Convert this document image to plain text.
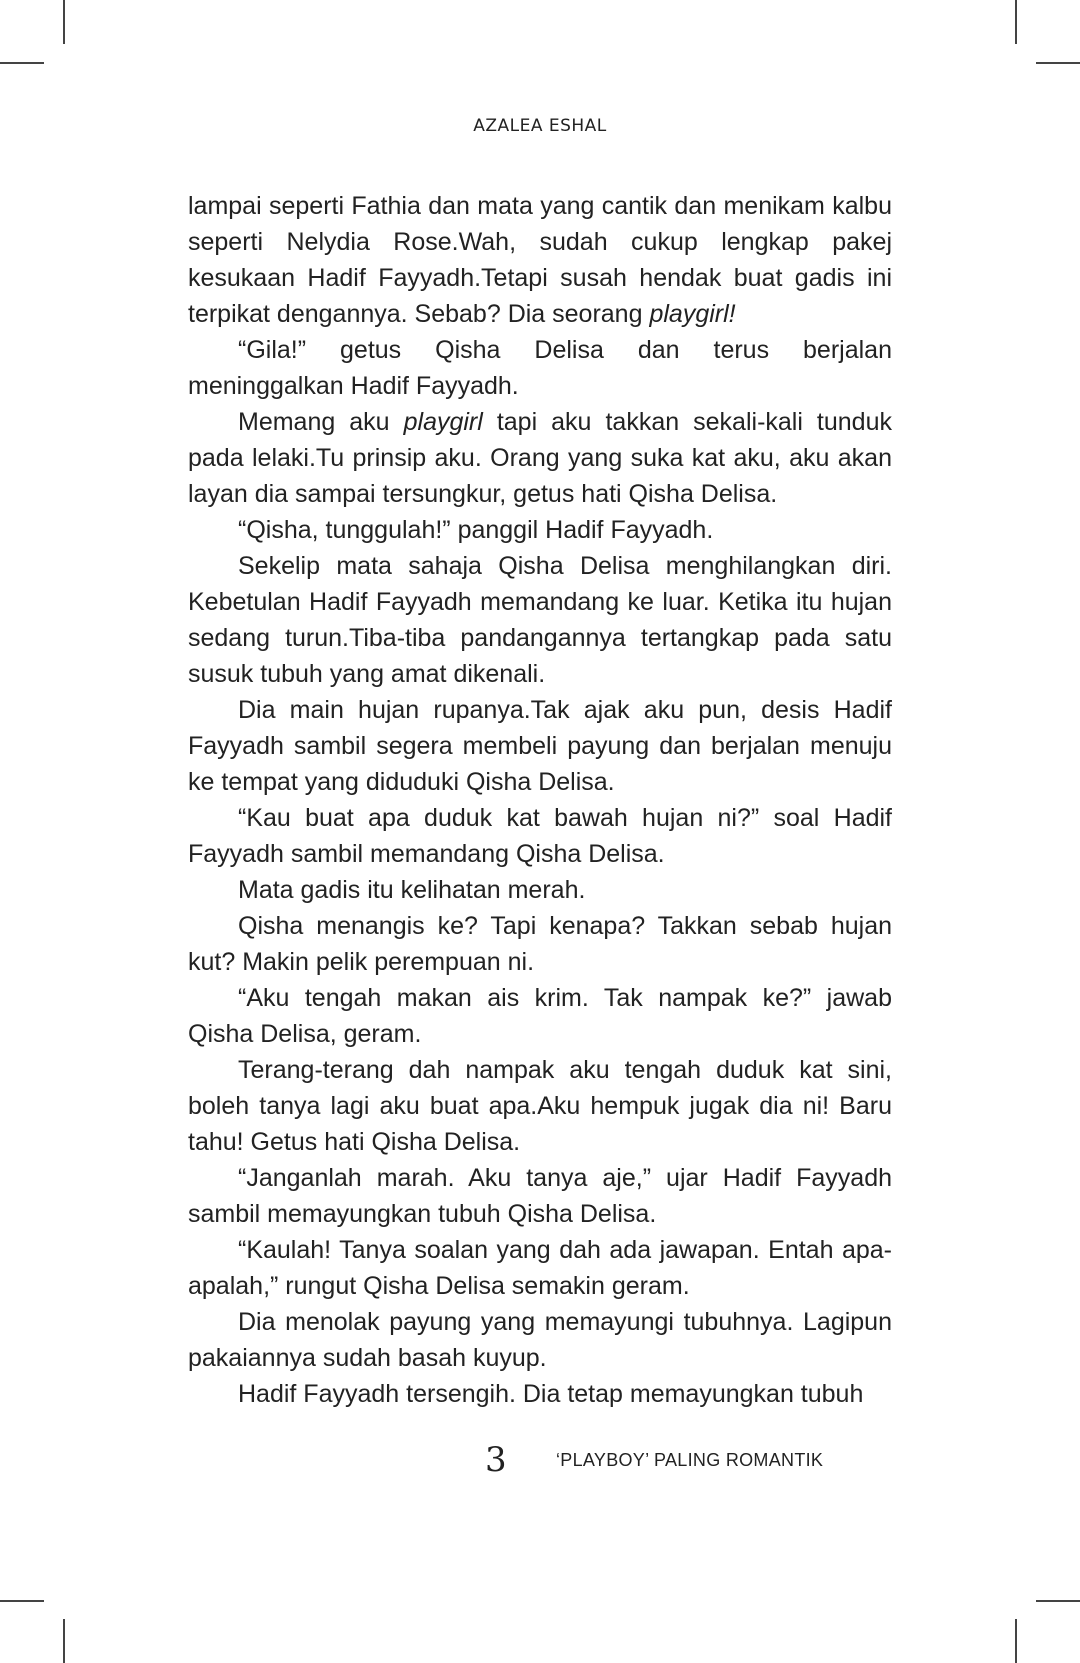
AZALEA ESHAL

lampai seperti Fathia dan mata yang cantik dan menikam kalbu seperti Nelydia Rose.Wah, sudah cukup lengkap pakej kesukaan Hadif Fayyadh.Tetapi susah hendak buat gadis ini terpikat dengannya. Sebab? Dia seorang playgirl!

“Gila!” getus Qisha Delisa dan terus berjalan meninggalkan Hadif Fayyadh.

Memang aku playgirl tapi aku takkan sekali-kali tunduk pada lelaki.Tu prinsip aku. Orang yang suka kat aku, aku akan layan dia sampai tersungkur, getus hati Qisha Delisa.

“Qisha, tunggulah!” panggil Hadif Fayyadh.

Sekelip mata sahaja Qisha Delisa menghilangkan diri. Kebetulan Hadif Fayyadh memandang ke luar. Ketika itu hujan sedang turun.Tiba-tiba pandangannya tertangkap pada satu susuk tubuh yang amat dikenali.

Dia main hujan rupanya.Tak ajak aku pun, desis Hadif Fayyadh sambil segera membeli payung dan berjalan menuju ke tempat yang diduduki Qisha Delisa.

“Kau buat apa duduk kat bawah hujan ni?” soal Hadif Fayyadh sambil memandang Qisha Delisa.

Mata gadis itu kelihatan merah.

Qisha menangis ke? Tapi kenapa? Takkan sebab hujan kut? Makin pelik perempuan ni.

“Aku tengah makan ais krim. Tak nampak ke?” jawab Qisha Delisa, geram.

Terang-terang dah nampak aku tengah duduk kat sini, boleh tanya lagi aku buat apa.Aku hempuk jugak dia ni! Baru tahu! Getus hati Qisha Delisa.

“Janganlah marah. Aku tanya aje,” ujar Hadif Fayyadh sambil memayungkan tubuh Qisha Delisa.

“Kaulah! Tanya soalan yang dah ada jawapan. Entah apa-apalah,” rungut Qisha Delisa semakin geram.

Dia menolak payung yang memayungi tubuhnya. Lagipun pakaiannya sudah basah kuyup.

Hadif Fayyadh tersengih. Dia tetap memayungkan tubuh

3	‘PLAYBOY’ PALING ROMANTIK
